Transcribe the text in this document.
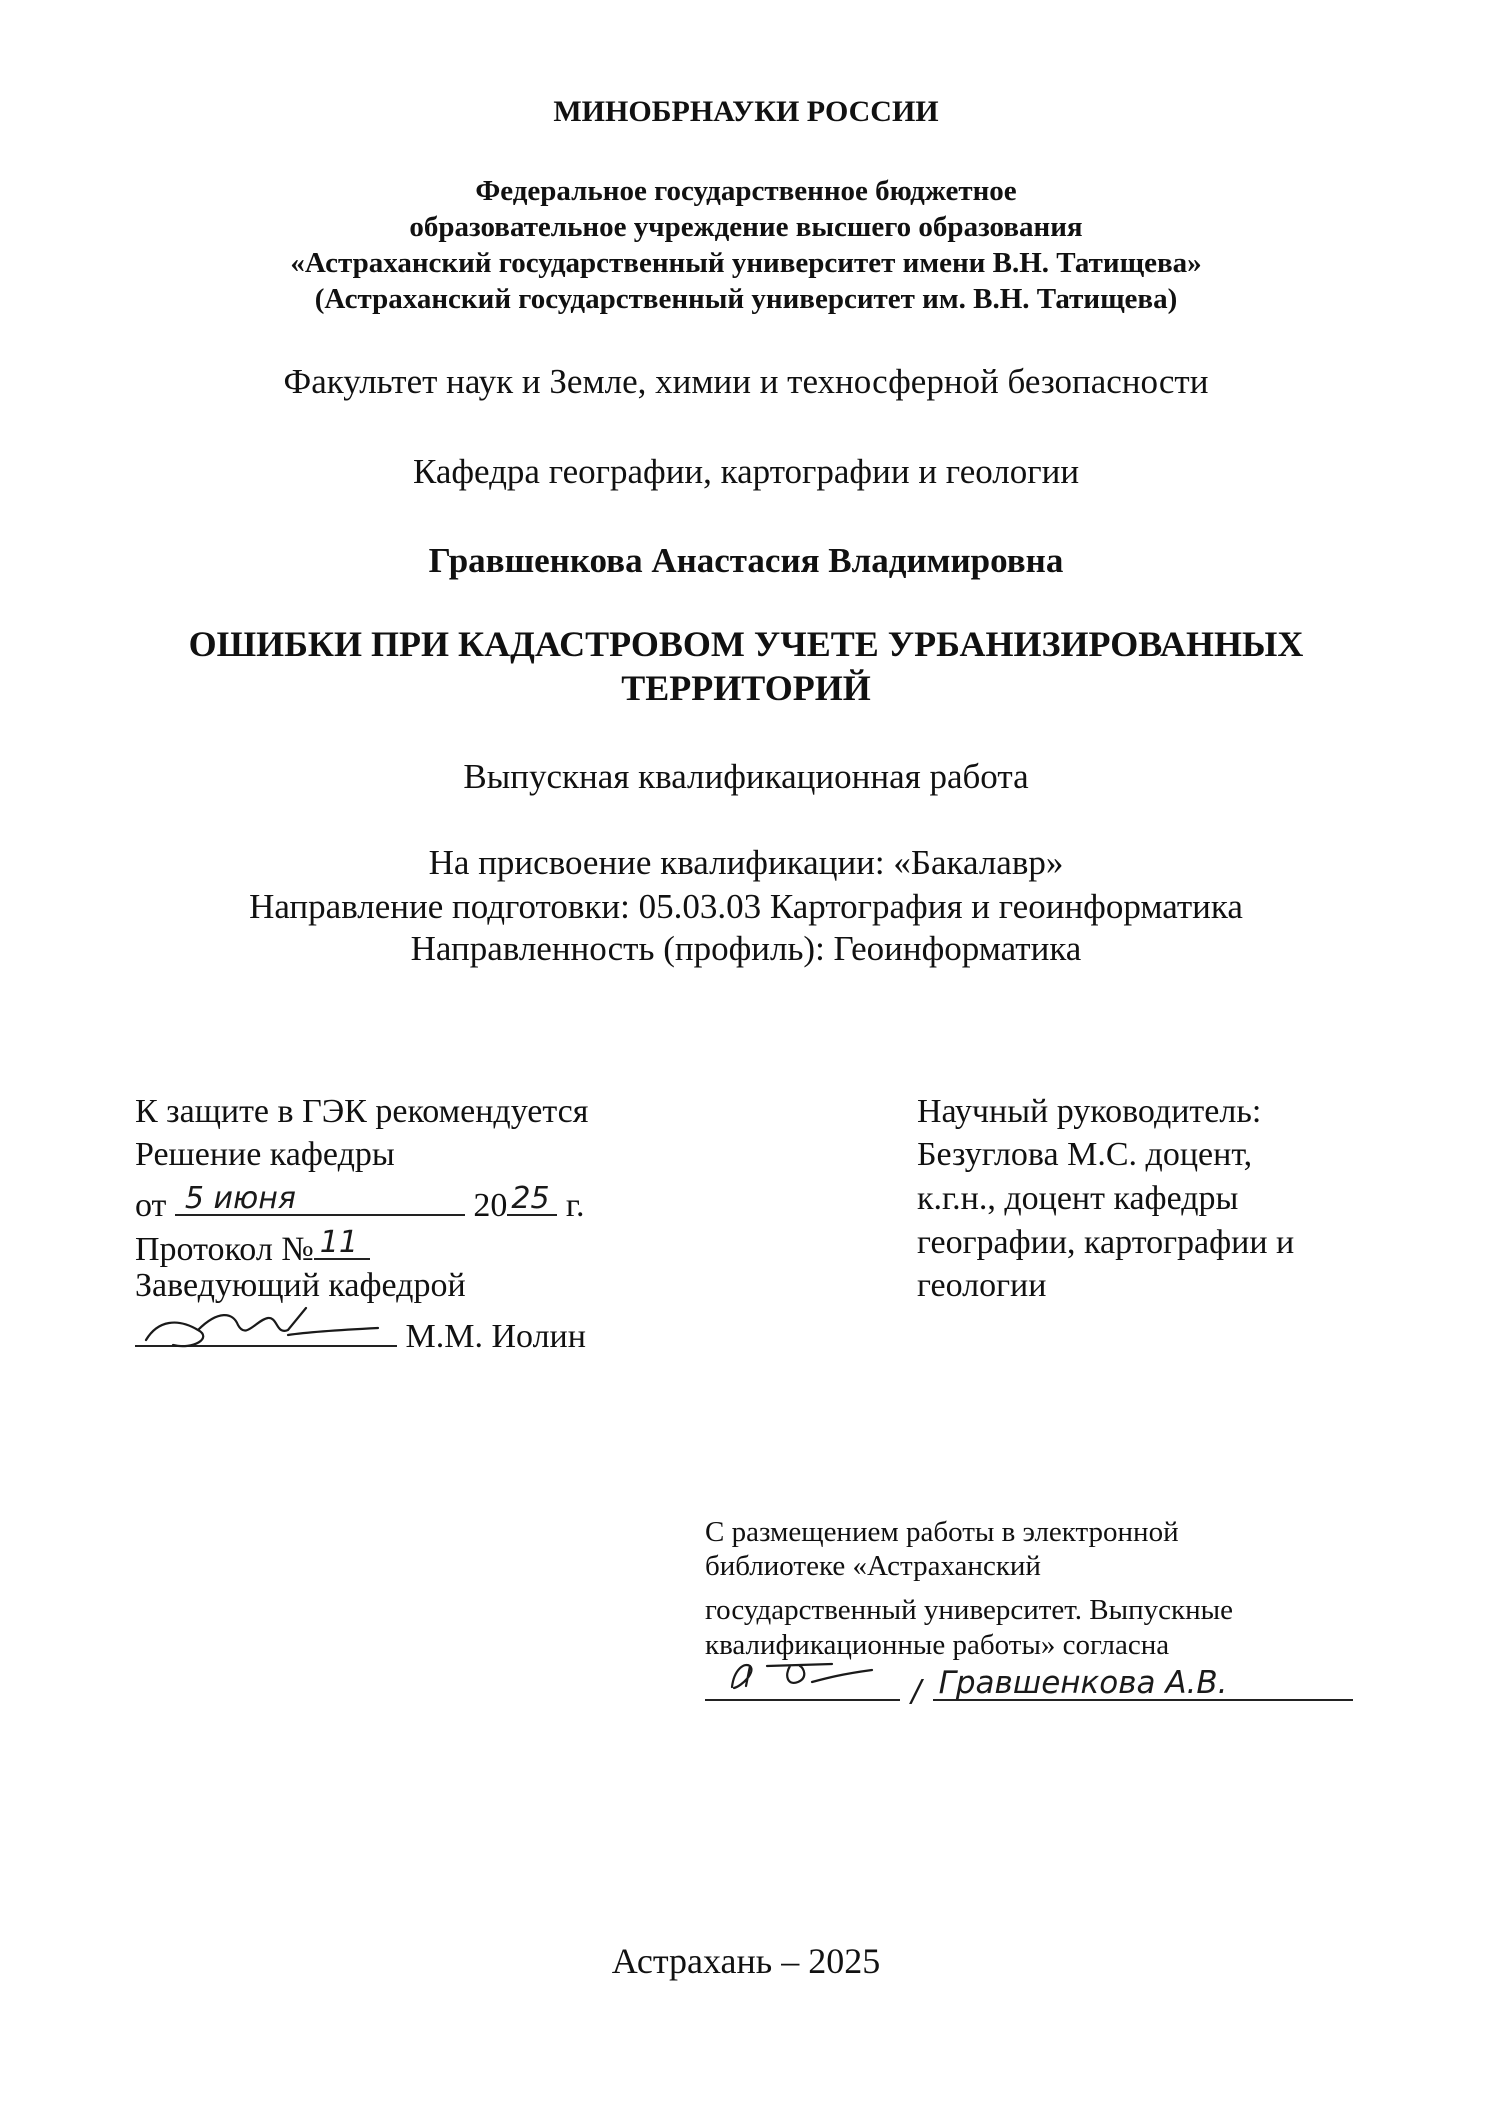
МИНОБРНАУКИ РОССИИ
Федеральное государственное бюджетное
образовательное учреждение высшего образования
«Астраханский государственный университет имени В.Н. Татищева»
(Астраханский государственный университет им. В.Н. Татищева)
Факультет наук и Земле, химии и техносферной безопасности
Кафедра географии, картографии и геологии
Гравшенкова Анастасия Владимировна
ОШИБКИ ПРИ КАДАСТРОВОМ УЧЕТЕ УРБАНИЗИРОВАННЫХ
ТЕРРИТОРИЙ
Выпускная квалификационная работа
На присвоение квалификации: «Бакалавр»
Направление подготовки: 05.03.03 Картография и геоинформатика
Направленность (профиль): Геоинформатика
К защите в ГЭК рекомендуется
Решение кафедры
от 5 июня	20 25 г.
Протокол № 11
Заведующий кафедрой
М.М. Иолин
Научный руководитель:
Безуглова М.С. доцент,
к.г.н., доцент кафедры
географии, картографии и
геологии
С размещением работы в электронной
библиотеке «Астраханский
государственный университет. Выпускные
квалификационные работы» согласна
/ Гравшенкова А.В.
Астрахань – 2025
